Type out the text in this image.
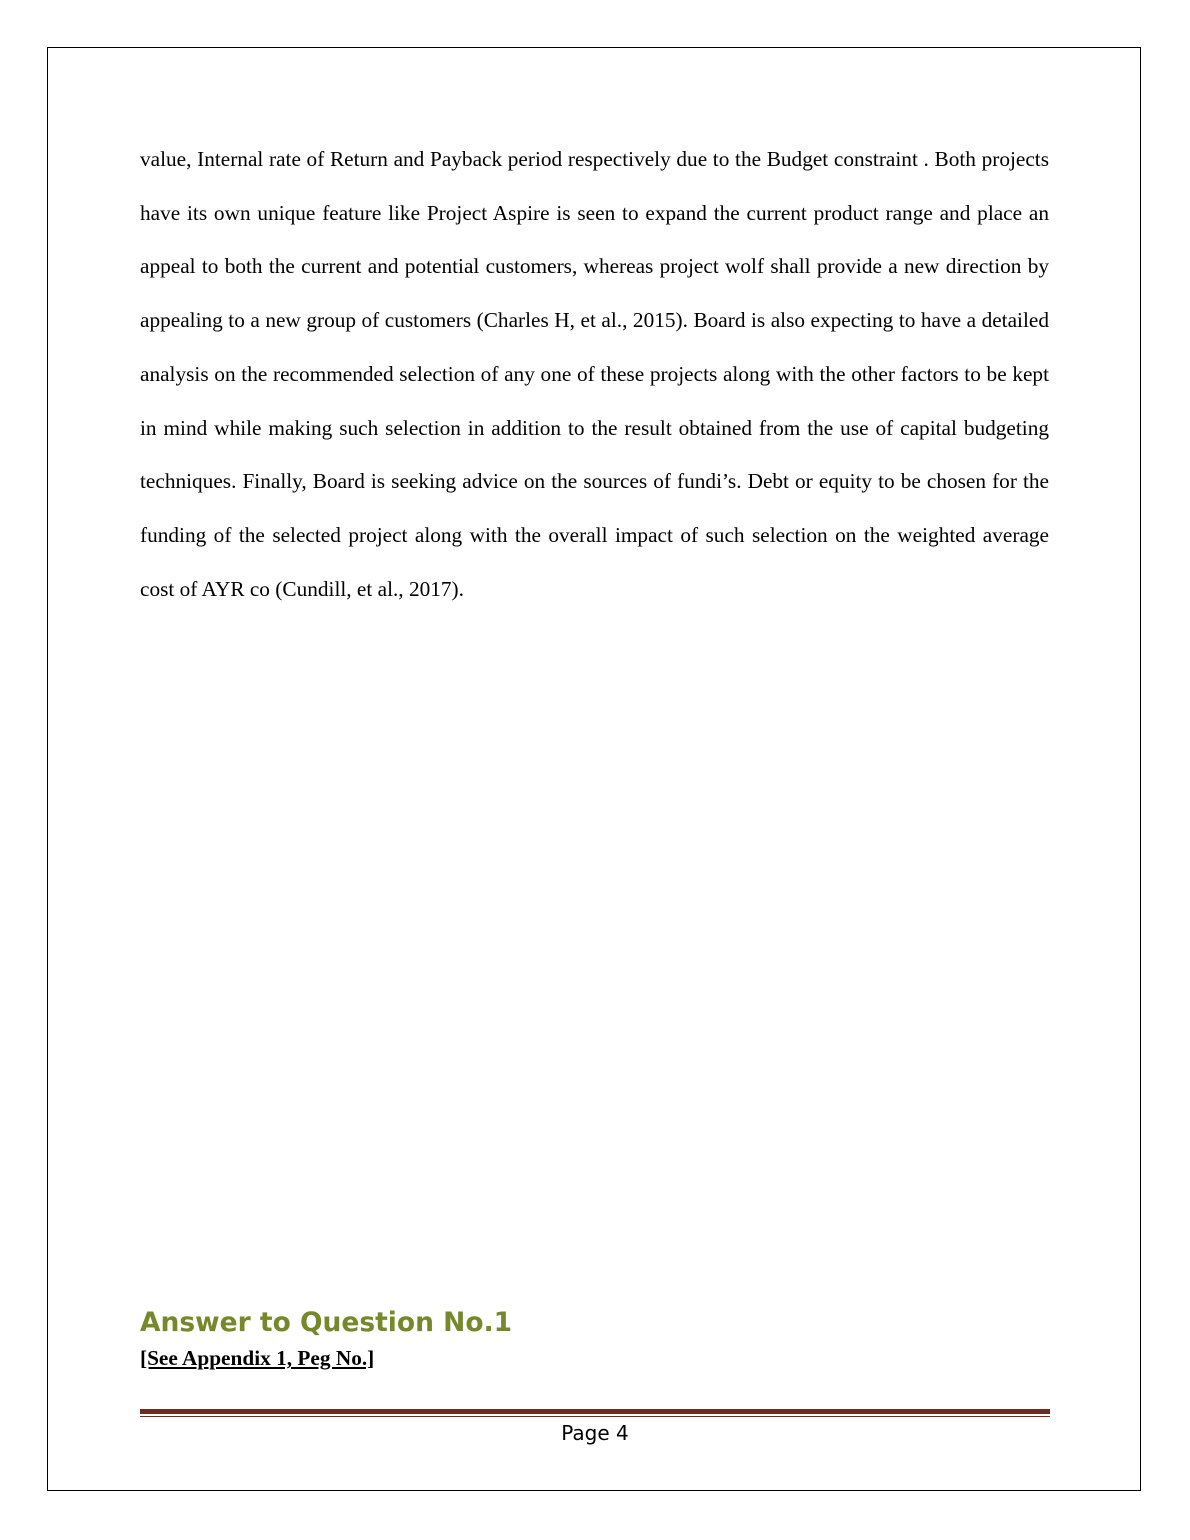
value, Internal rate of Return and Payback period respectively due to the Budget constraint . Both projects have its own unique feature like Project Aspire is seen to expand the current product range and place an appeal to both the current and potential customers, whereas project wolf shall provide a new direction by appealing to a new group of customers (Charles H, et al., 2015). Board is also expecting to have a detailed analysis on the recommended selection of any one of these projects along with the other factors to be kept in mind while making such selection in addition to the result obtained from the use of capital budgeting techniques. Finally, Board is seeking advice on the sources of fundi’s. Debt or equity to be chosen for the funding of the selected project along with the overall impact of such selection on the weighted average cost of AYR co (Cundill, et al., 2017).

Answer to Question No.1

[See Appendix 1, Peg No.]

Page 4
